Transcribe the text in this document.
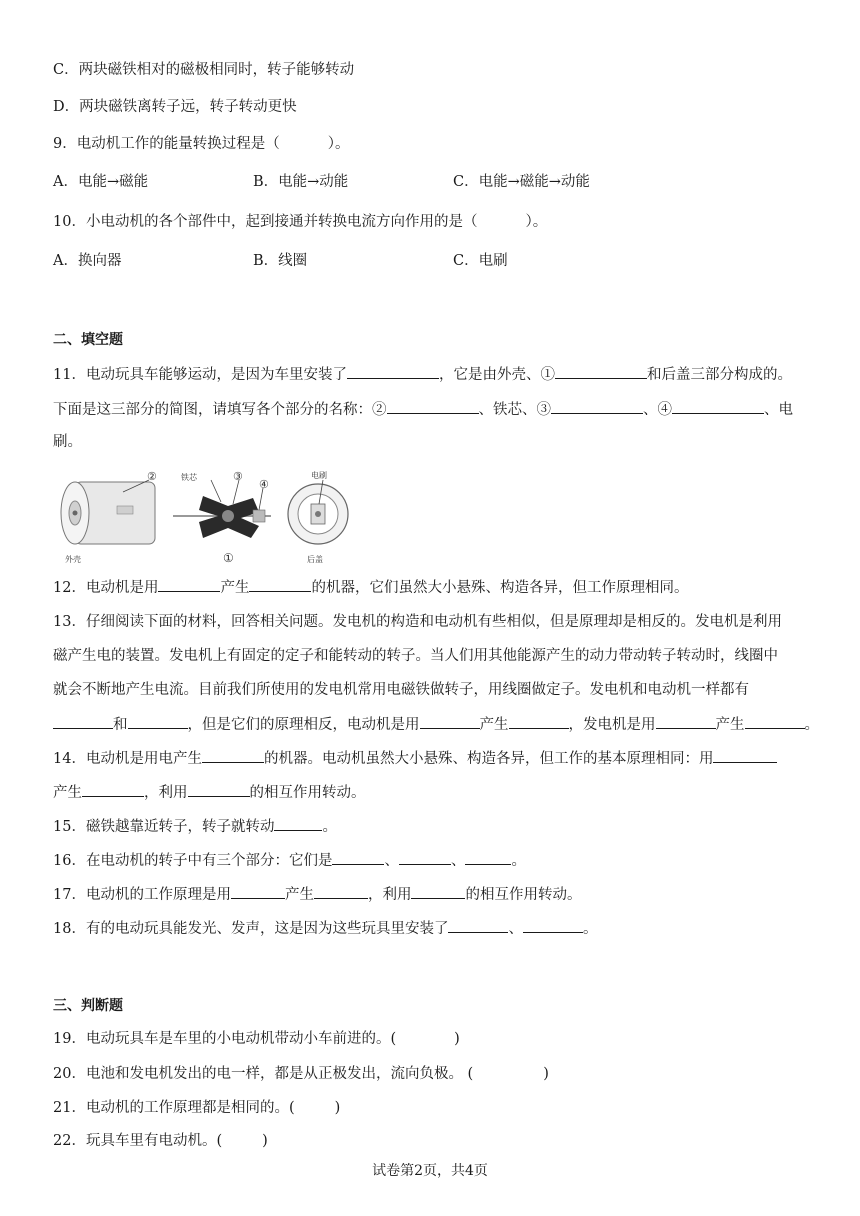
C．两块磁铁相对的磁极相同时，转子能够转动
D．两块磁铁离转子远，转子转动更快
9．电动机工作的能量转换过程是（	）。
A．电能→磁能	B．电能→动能	C．电能→磁能→动能
10．小电动机的各个部件中，起到接通并转换电流方向作用的是（	）。
A．换向器	B．线圈	C．电刷
二、填空题
11．电动玩具车能够运动，是因为车里安装了	，它是由外壳、①	和后盖三部分构成的。
下面是这三部分的简图，请填写各个部分的名称：②	、铁芯、③	、④	、电
刷。
外壳
②	铁芯	③
④
①
电刷
后盖
12．电动机是用	产生	的机器，它们虽然大小悬殊、构造各异，但工作原理相同。
13．仔细阅读下面的材料，回答相关问题。发电机的构造和电动机有些相似，但是原理却是相反的。发电机是利用
磁产生电的装置。发电机上有固定的定子和能转动的转子。当人们用其他能源产生的动力带动转子转动时，线圈中
就会不断地产生电流。目前我们所使用的发电机常用电磁铁做转子，用线圈做定子。发电机和电动机一样都有
和	，但是它们的原理相反，电动机是用	产生	，发电机是用	产生	。
14．电动机是用电产生	的机器。电动机虽然大小悬殊、构造各异，但工作的基本原理相同：用
产生	，利用	的相互作用转动。
15．磁铁越靠近转子，转子就转动	。
16．在电动机的转子中有三个部分：它们是	、	、	。
17．电动机的工作原理是用	产生	，利用	的相互作用转动。
18．有的电动玩具能发光、发声，这是因为这些玩具里安装了	、	。
三、判断题
19．电动玩具车是车里的小电动机带动小车前进的。(	)
20．电池和发电机发出的电一样，都是从正极发出，流向负极。 (	)
21．电动机的工作原理都是相同的。(	)
22．玩具车里有电动机。(	)
试卷第2页，共4页
